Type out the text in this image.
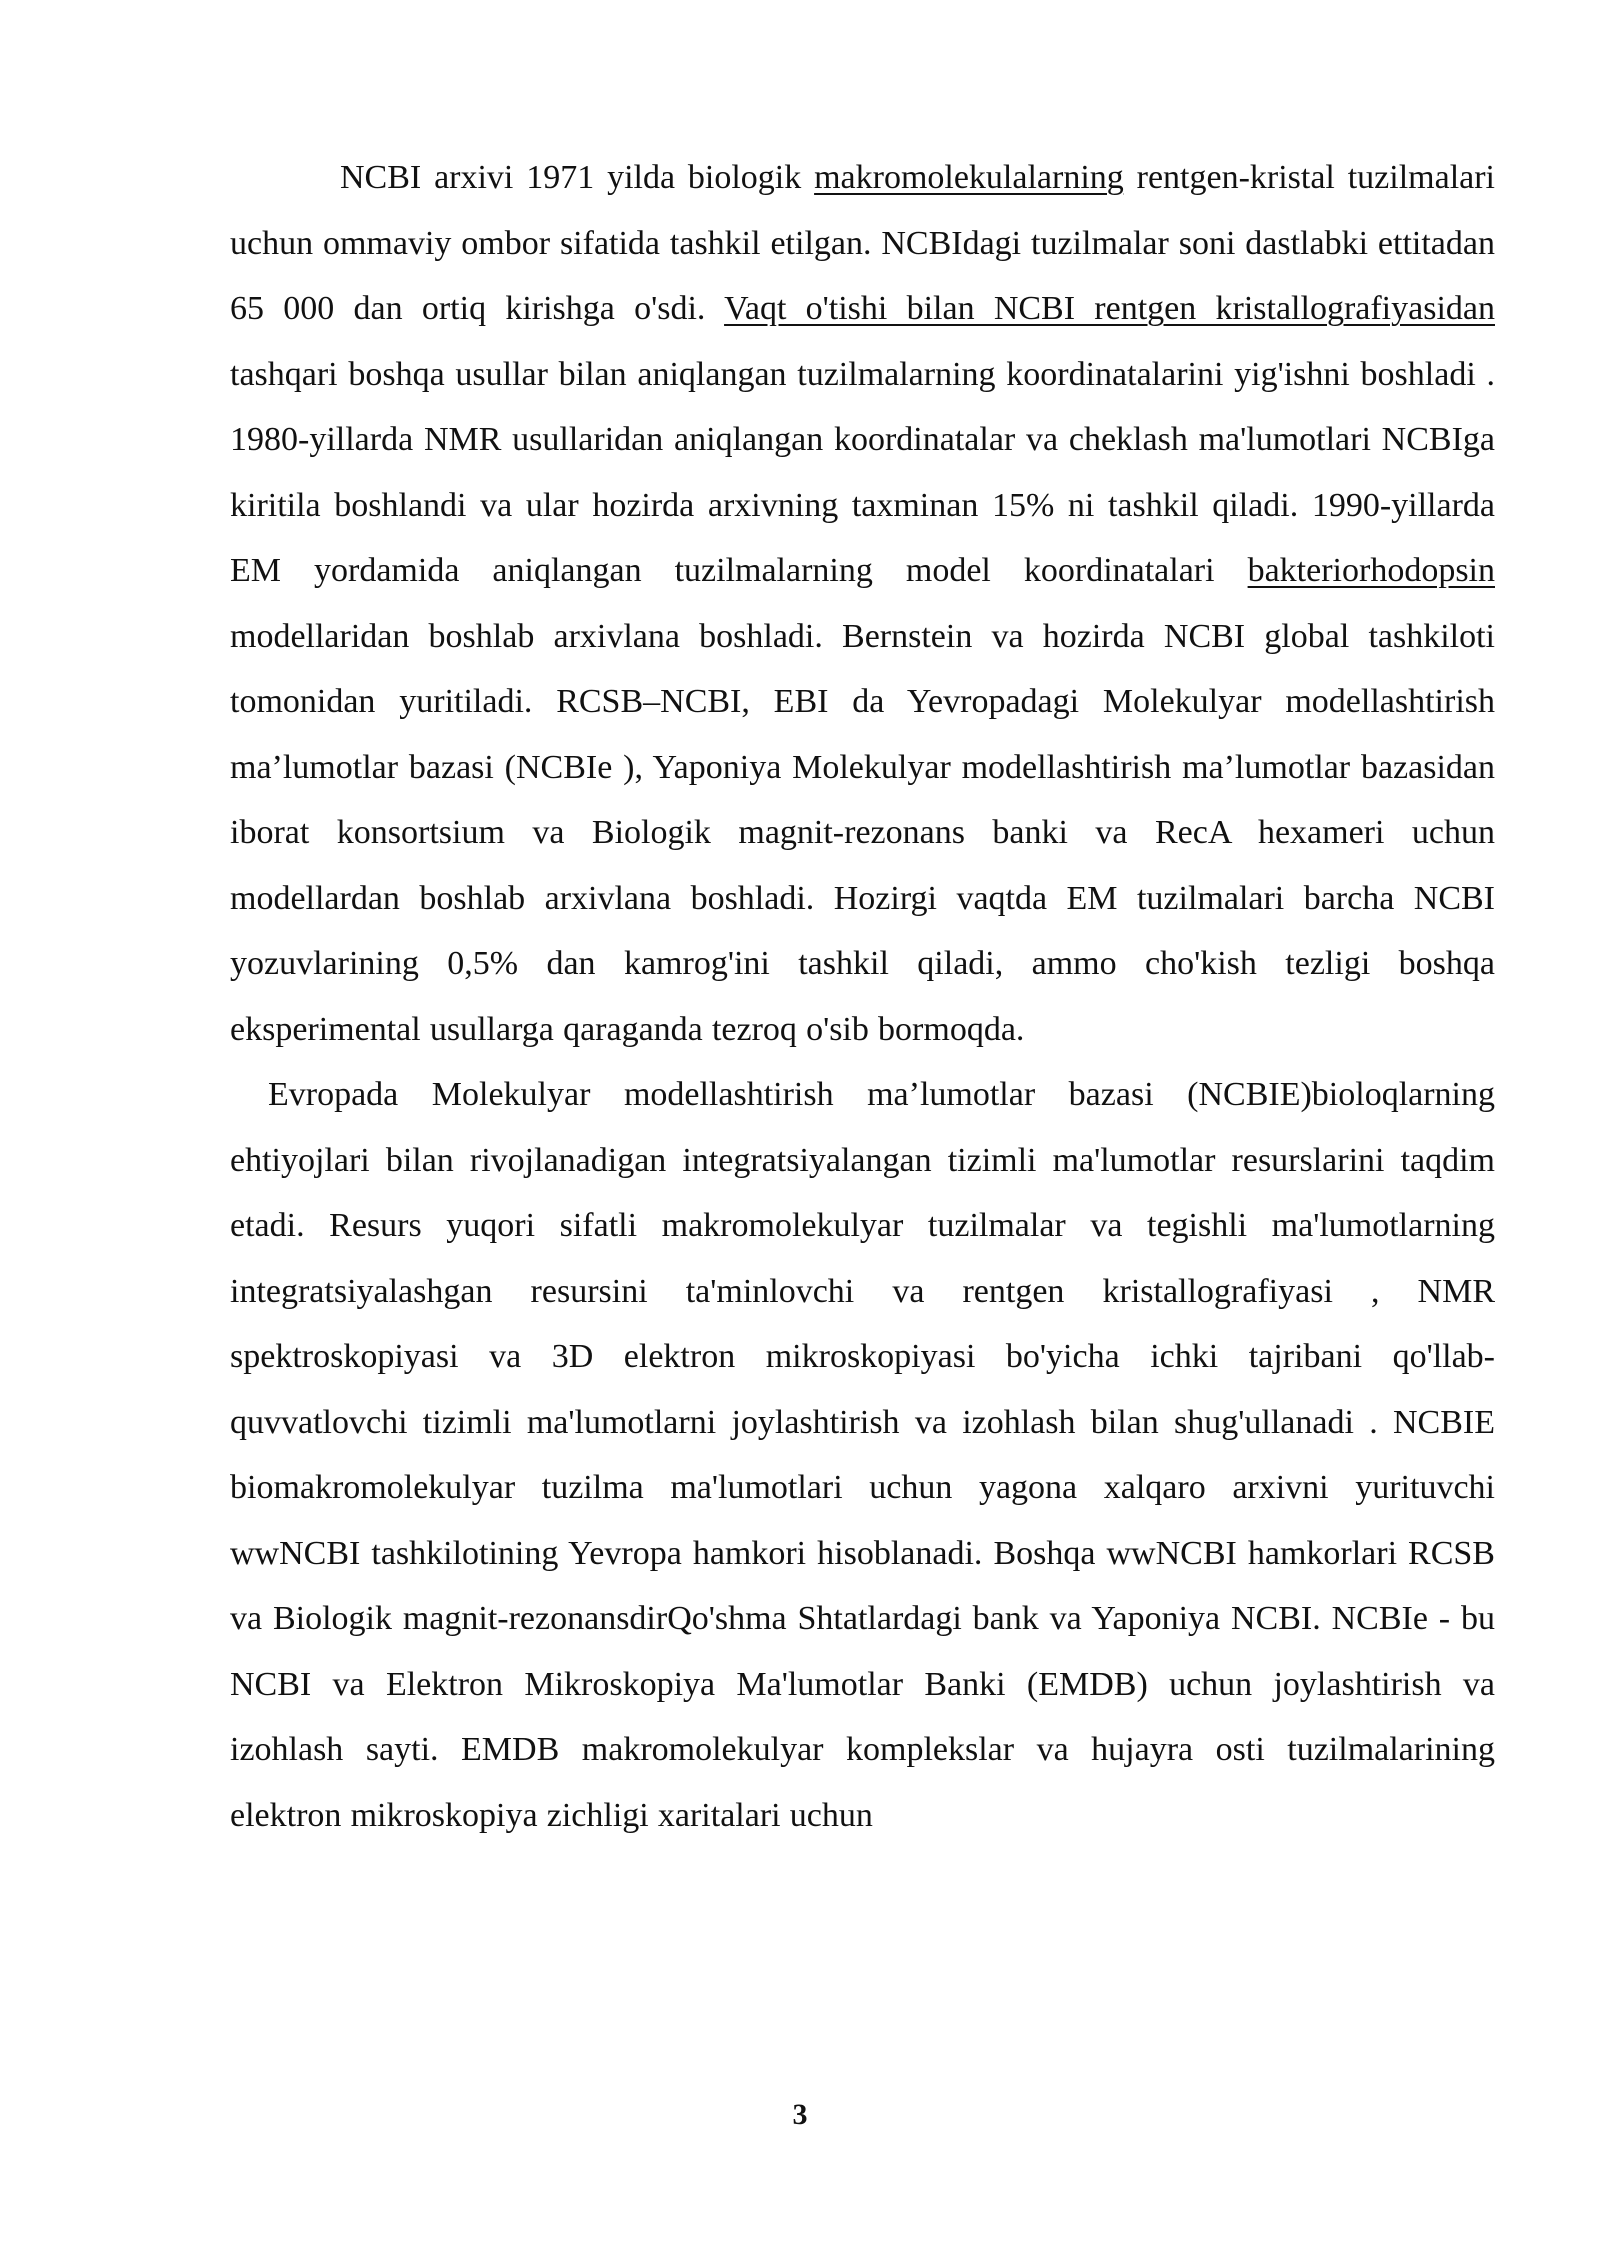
NCBI arxivi 1971 yilda biologik makromolekulalarning rentgen-kristal tuzilmalari uchun ommaviy ombor sifatida tashkil etilgan. NCBIdagi tuzilmalar soni dastlabki ettitadan 65 000 dan ortiq kirishga o'sdi. Vaqt o'tishi bilan NCBI rentgen kristallografiyasidan tashqari boshqa usullar bilan aniqlangan tuzilmalarning koordinatalarini yig'ishni boshladi . 1980-yillarda NMR usullaridan aniqlangan koordinatalar va cheklash ma'lumotlari NCBIga kiritila boshlandi va ular hozirda arxivning taxminan 15% ni tashkil qiladi. 1990-yillarda EM yordamida aniqlangan tuzilmalarning model koordinatalari bakteriorhodopsin modellaridan boshlab arxivlana boshladi. Bernstein va hozirda NCBI global tashkiloti tomonidan yuritiladi. RCSB–NCBI, EBI da Yevropadagi Molekulyar modellashtirish ma’lumotlar bazasi (NCBIe ), Yaponiya Molekulyar modellashtirish ma’lumotlar bazasidan iborat konsortsium va Biologik magnit-rezonans banki va RecA hexameri uchun modellardan boshlab arxivlana boshladi. Hozirgi vaqtda EM tuzilmalari barcha NCBI yozuvlarining 0,5% dan kamrog'ini tashkil qiladi, ammo cho'kish tezligi boshqa eksperimental usullarga qaraganda tezroq o'sib bormoqda.

Evropada Molekulyar modellashtirish ma’lumotlar bazasi (NCBIE)bioloqlarning ehtiyojlari bilan rivojlanadigan integratsiyalangan tizimli ma'lumotlar resurslarini taqdim etadi. Resurs yuqori sifatli makromolekulyar tuzilmalar va tegishli ma'lumotlarning integratsiyalashgan resursini ta'minlovchi va rentgen kristallografiyasi , NMR spektroskopiyasi va 3D elektron mikroskopiyasi bo'yicha ichki tajribani qo'llab-quvvatlovchi tizimli ma'lumotlarni joylashtirish va izohlash bilan shug'ullanadi . NCBIE biomakromolekulyar tuzilma ma'lumotlari uchun yagona xalqaro arxivni yurituvchi wwNCBI tashkilotining Yevropa hamkori hisoblanadi. Boshqa wwNCBI hamkorlari RCSB va Biologik magnit-rezonansdirQo'shma Shtatlardagi bank va Yaponiya NCBI. NCBIe - bu NCBI va Elektron Mikroskopiya Ma'lumotlar Banki (EMDB) uchun joylashtirish va izohlash sayti. EMDB makromolekulyar komplekslar va hujayra osti tuzilmalarining elektron mikroskopiya zichligi xaritalari uchun

3
